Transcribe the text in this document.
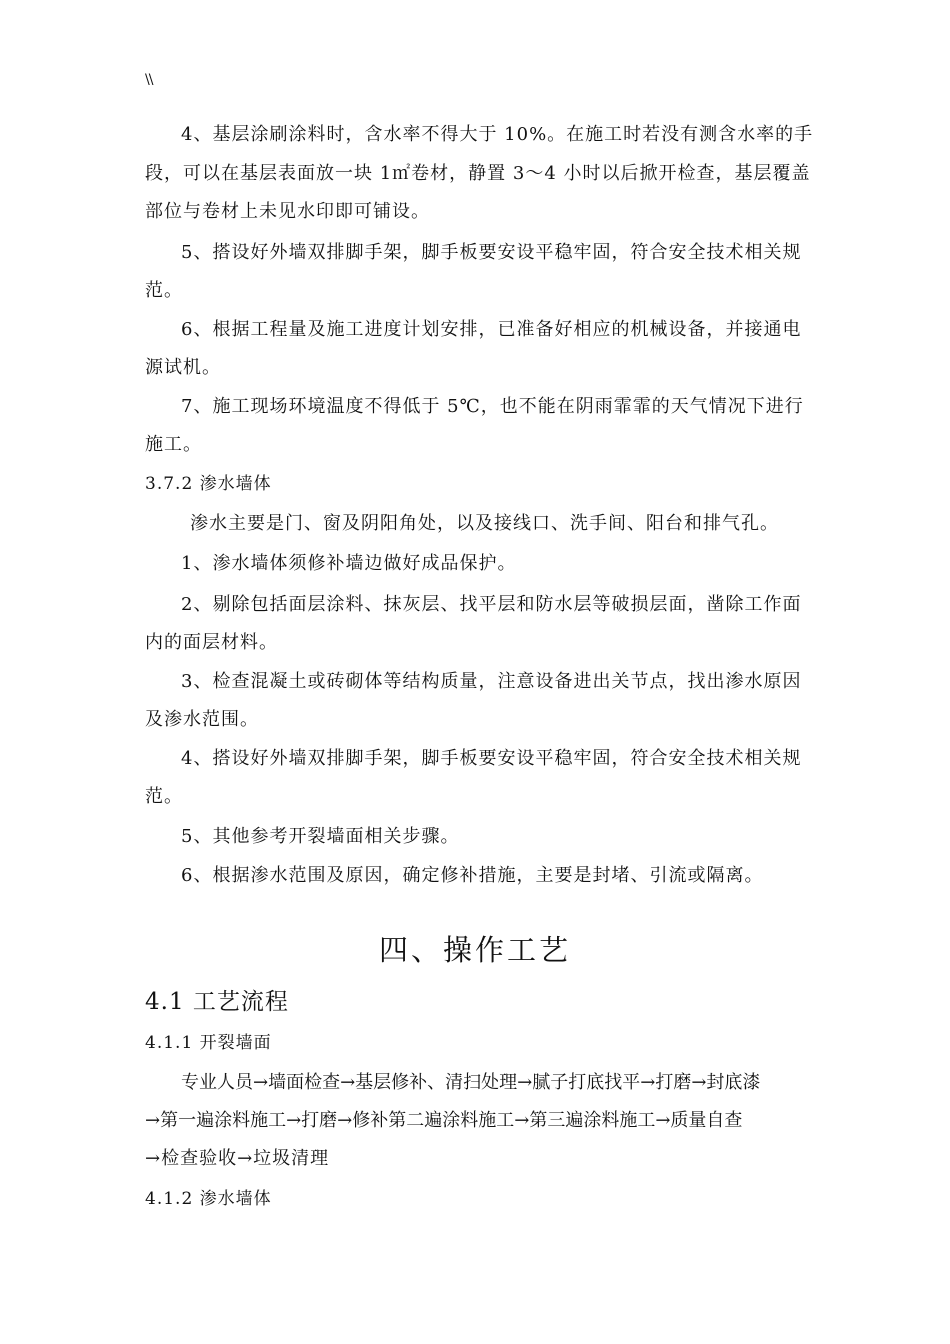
\\
4、基层涂刷涂料时，含水率不得大于 10%。在施工时若没有测含水率的手
段，可以在基层表面放一块 1㎡卷材，静置 3～4 小时以后掀开检查，基层覆盖
部位与卷材上未见水印即可铺设。
5、搭设好外墙双排脚手架，脚手板要安设平稳牢固，符合安全技术相关规
范。
6、根据工程量及施工进度计划安排，已准备好相应的机械设备，并接通电
源试机。
7、施工现场环境温度不得低于 5℃，也不能在阴雨霏霏的天气情况下进行
施工。
3.7.2 渗水墙体
渗水主要是门、窗及阴阳角处，以及接线口、洗手间、阳台和排气孔。
1、渗水墙体须修补墙边做好成品保护。
2、剔除包括面层涂料、抹灰层、找平层和防水层等破损层面，凿除工作面
内的面层材料。
3、检查混凝土或砖砌体等结构质量，注意设备进出关节点，找出渗水原因
及渗水范围。
4、搭设好外墙双排脚手架，脚手板要安设平稳牢固，符合安全技术相关规
范。
5、其他参考开裂墙面相关步骤。
6、根据渗水范围及原因，确定修补措施，主要是封堵、引流或隔离。
四、操作工艺
4.1 工艺流程
4.1.1 开裂墙面
专业人员→墙面检查→基层修补、清扫处理→腻子打底找平→打磨→封底漆
→第一遍涂料施工→打磨→修补第二遍涂料施工→第三遍涂料施工→质量自查
→检查验收→垃圾清理
4.1.2 渗水墙体
